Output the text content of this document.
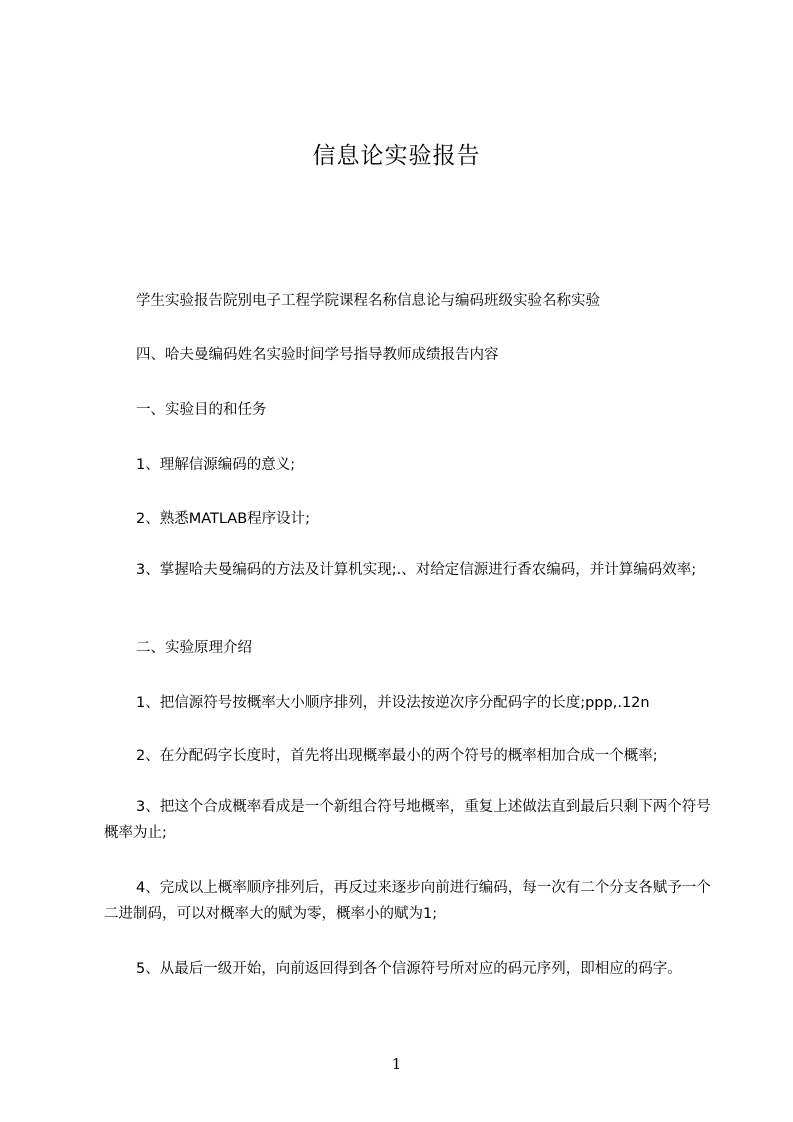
信息论实验报告
学生实验报告院别电子工程学院课程名称信息论与编码班级实验名称实验
四、哈夫曼编码姓名实验时间学号指导教师成绩报告内容
一、实验目的和任务
1、理解信源编码的意义;
2、熟悉MATLAB程序设计;
3、掌握哈夫曼编码的方法及计算机实现;.、对给定信源进行香农编码，并计算编码效率;
二、实验原理介绍
1、把信源符号按概率大小顺序排列，并设法按逆次序分配码字的长度;ppp,.12n
2、在分配码字长度时，首先将出现概率最小的两个符号的概率相加合成一个概率;
3、把这个合成概率看成是一个新组合符号地概率，重复上述做法直到最后只剩下两个符号概率为止;
4、完成以上概率顺序排列后，再反过来逐步向前进行编码，每一次有二个分支各赋予一个二进制码，可以对概率大的赋为零，概率小的赋为1;
5、从最后一级开始，向前返回得到各个信源符号所对应的码元序列，即相应的码字。
1
